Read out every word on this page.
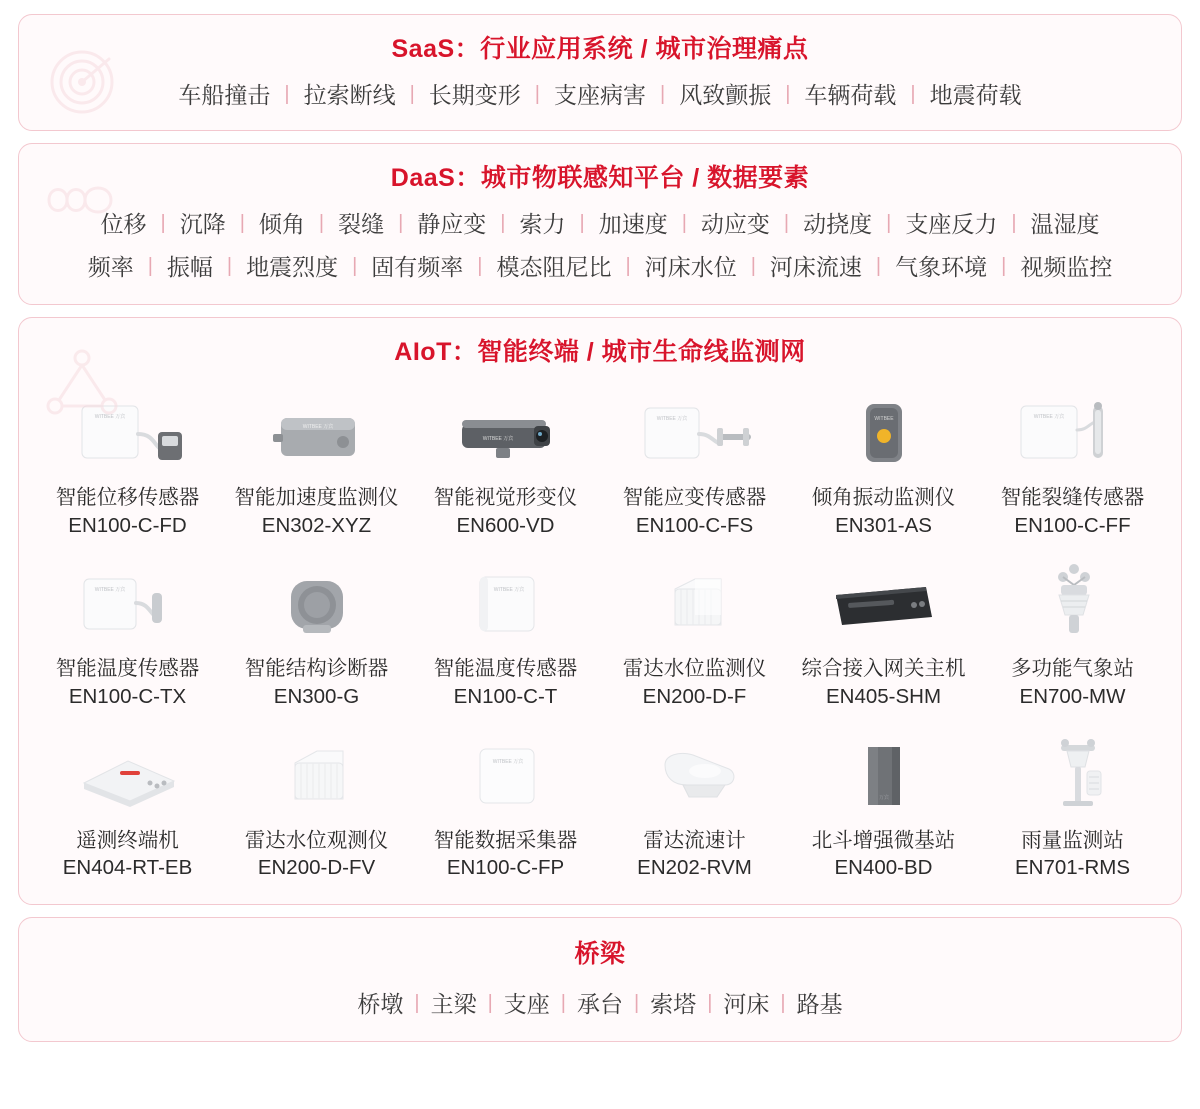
SaaS：行业应用系统 / 城市治理痛点
车船撞击 | 拉索断线 | 长期变形 | 支座病害 | 风致颤振 | 车辆荷载 | 地震荷载
DaaS：城市物联感知平台 / 数据要素
位移 | 沉降 | 倾角 | 裂缝 | 静应变 | 索力 | 加速度 | 动应变 | 动挠度 | 支座反力 | 温湿度
频率 | 振幅 | 地震烈度 | 固有频率 | 模态阻尼比 | 河床水位 | 河床流速 | 气象环境 | 视频监控
AIoT：智能终端 / 城市生命线监测网
WITBEE 万宾
智能位移传感器
EN100-C-FD
WITBEE 万宾
智能加速度监测仪
EN302-XYZ
WITBEE 万宾
智能视觉形变仪
EN600-VD
WITBEE 万宾
智能应变传感器
EN100-C-FS
WITBEE
倾角振动监测仪
EN301-AS
WITBEE 万宾
智能裂缝传感器
EN100-C-FF
WITBEE 万宾
智能温度传感器
EN100-C-TX
智能结构诊断器
EN300-G
WITBEE 万宾
智能温度传感器
EN100-C-T
雷达水位监测仪
EN200-D-F
综合接入网关主机
EN405-SHM
多功能气象站
EN700-MW
遥测终端机
EN404-RT-EB
雷达水位观测仪
EN200-D-FV
WITBEE 万宾
智能数据采集器
EN100-C-FP
雷达流速计
EN202-RVM
万宾
北斗增强微基站
EN400-BD
雨量监测站
EN701-RMS
桥梁
桥墩 | 主梁 | 支座 | 承台 | 索塔 | 河床 | 路基
